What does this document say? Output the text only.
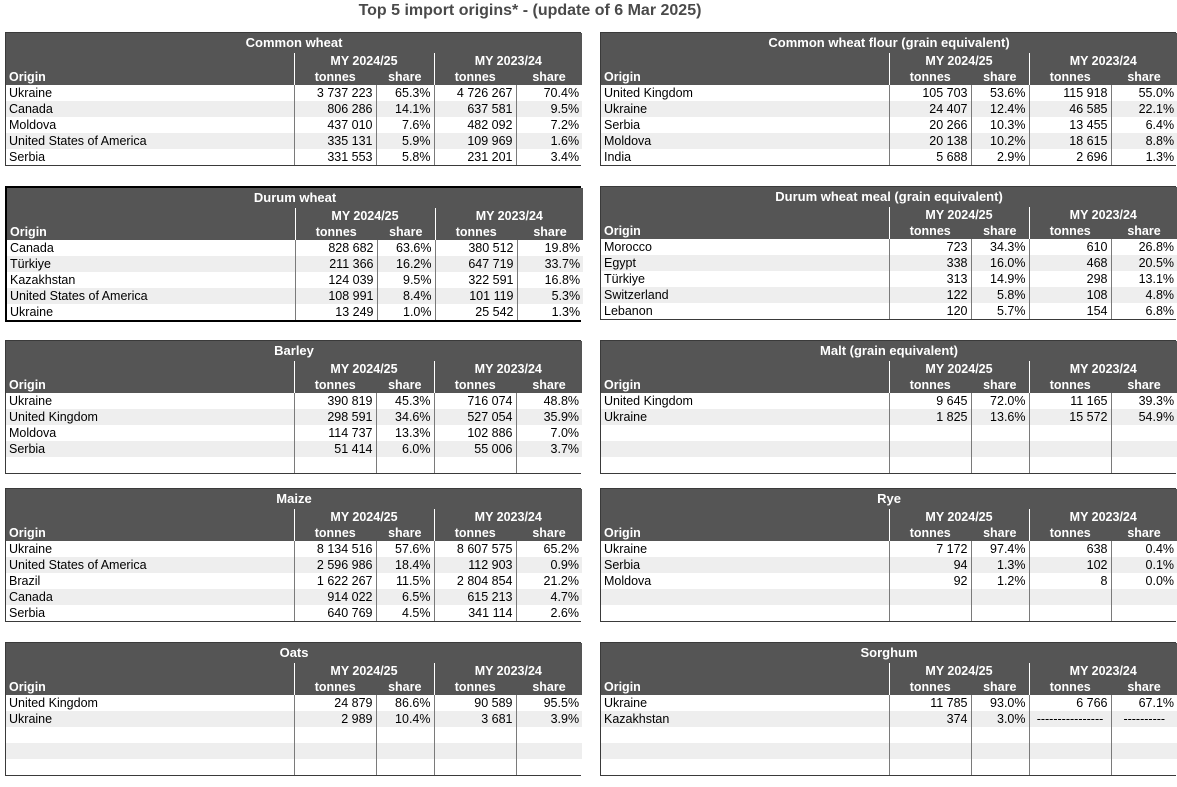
Top 5 import origins* - (update of 6 Mar 2025)
Common wheat				
	MY 2024/25		MY 2023/24	
Origin	tonnes	share	tonnes	share
Ukraine	3 737 223	65.3%	4 726 267	70.4%
Canada	806 286	14.1%	637 581	9.5%
Moldova	437 010	7.6%	482 092	7.2%
United States of America	335 131	5.9%	109 969	1.6%
Serbia	331 553	5.8%	231 201	3.4%
Common wheat flour (grain equivalent)				
	MY 2024/25		MY 2023/24	
Origin	tonnes	share	tonnes	share
United Kingdom	105 703	53.6%	115 918	55.0%
Ukraine	24 407	12.4%	46 585	22.1%
Serbia	20 266	10.3%	13 455	6.4%
Moldova	20 138	10.2%	18 615	8.8%
India	5 688	2.9%	2 696	1.3%
Durum wheat				
	MY 2024/25		MY 2023/24	
Origin	tonnes	share	tonnes	share
Canada	828 682	63.6%	380 512	19.8%
Türkiye	211 366	16.2%	647 719	33.7%
Kazakhstan	124 039	9.5%	322 591	16.8%
United States of America	108 991	8.4%	101 119	5.3%
Ukraine	13 249	1.0%	25 542	1.3%
Durum wheat meal (grain equivalent)				
	MY 2024/25		MY 2023/24	
Origin	tonnes	share	tonnes	share
Morocco	723	34.3%	610	26.8%
Egypt	338	16.0%	468	20.5%
Türkiye	313	14.9%	298	13.1%
Switzerland	122	5.8%	108	4.8%
Lebanon	120	5.7%	154	6.8%
Barley				
	MY 2024/25		MY 2023/24	
Origin	tonnes	share	tonnes	share
Ukraine	390 819	45.3%	716 074	48.8%
United Kingdom	298 591	34.6%	527 054	35.9%
Moldova	114 737	13.3%	102 886	7.0%
Serbia	51 414	6.0%	55 006	3.7%

Malt (grain equivalent)				
	MY 2024/25		MY 2023/24	
Origin	tonnes	share	tonnes	share
United Kingdom	9 645	72.0%	11 165	39.3%
Ukraine	1 825	13.6%	15 572	54.9%

Maize				
	MY 2024/25		MY 2023/24	
Origin	tonnes	share	tonnes	share
Ukraine	8 134 516	57.6%	8 607 575	65.2%
United States of America	2 596 986	18.4%	112 903	0.9%
Brazil	1 622 267	11.5%	2 804 854	21.2%
Canada	914 022	6.5%	615 213	4.7%
Serbia	640 769	4.5%	341 114	2.6%
Rye				
	MY 2024/25		MY 2023/24	
Origin	tonnes	share	tonnes	share
Ukraine	7 172	97.4%	638	0.4%
Serbia	94	1.3%	102	0.1%
Moldova	92	1.2%	8	0.0%

Oats				
	MY 2024/25		MY 2023/24	
Origin	tonnes	share	tonnes	share
United Kingdom	24 879	86.6%	90 589	95.5%
Ukraine	2 989	10.4%	3 681	3.9%

Sorghum				
	MY 2024/25		MY 2023/24	
Origin	tonnes	share	tonnes	share
Ukraine	11 785	93.0%	6 766	67.1%
Kazakhstan	374	3.0%	----------------	----------
